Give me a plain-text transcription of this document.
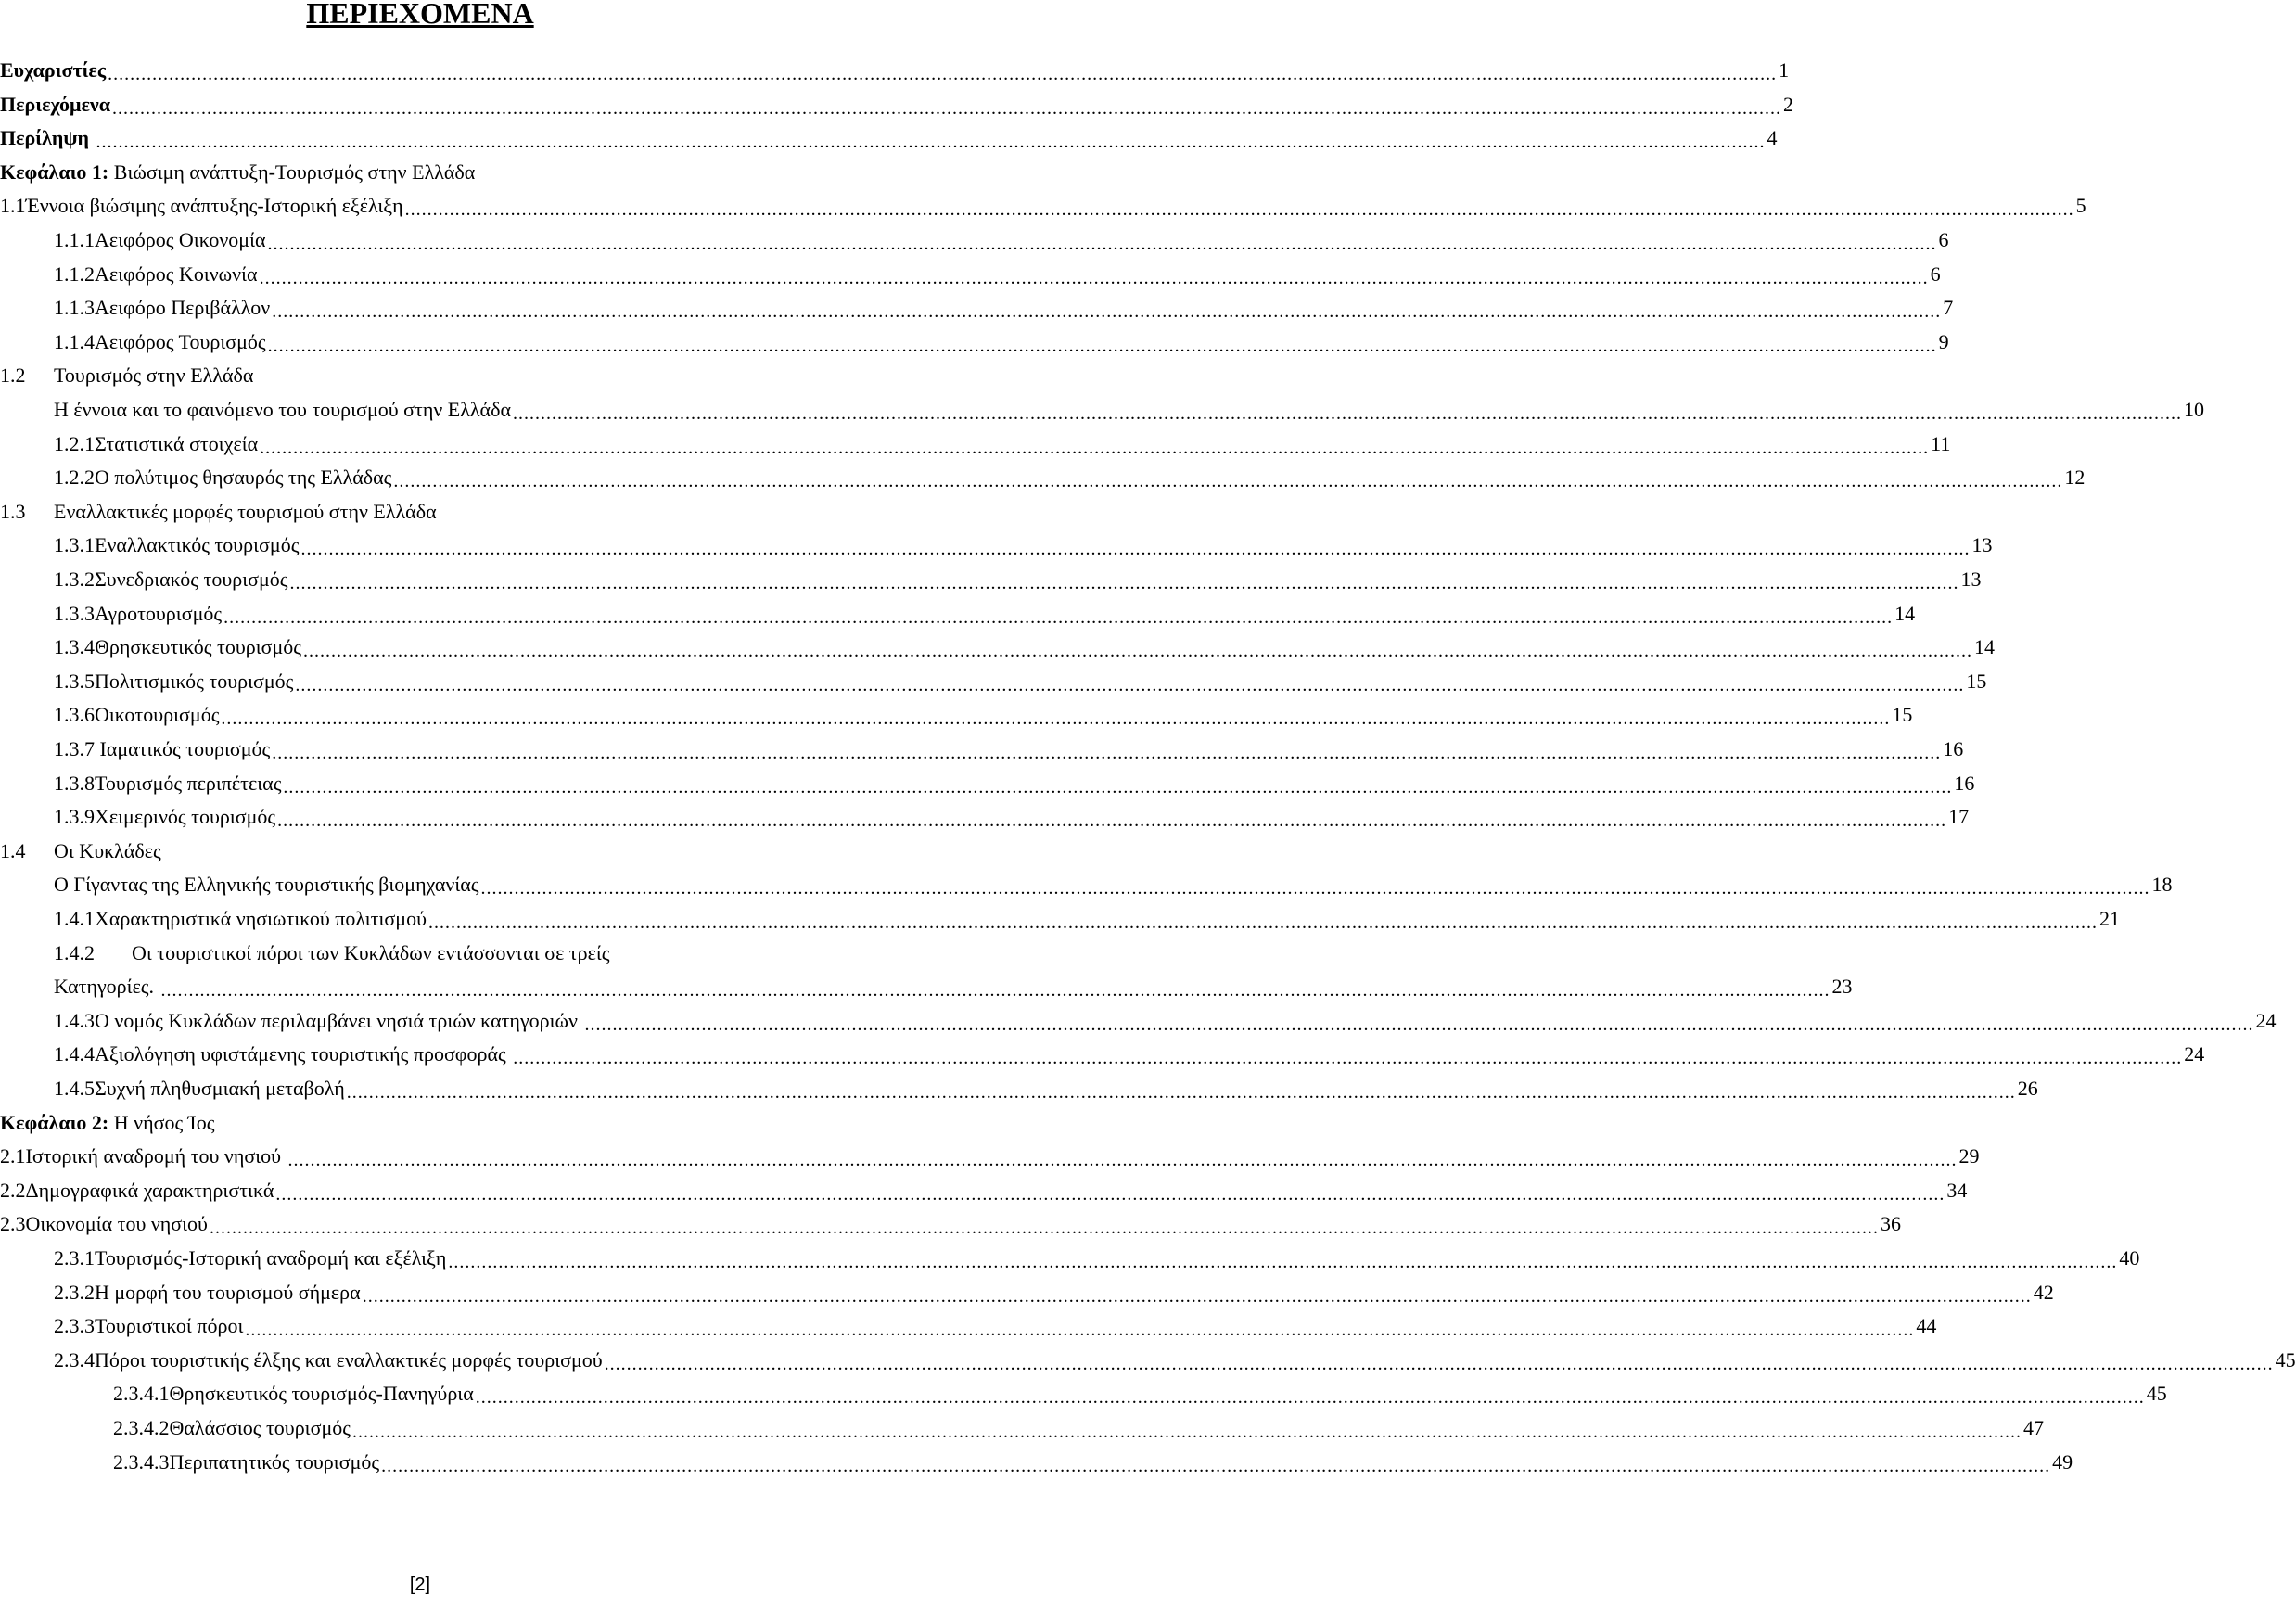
ΠΕΡΙΕΧΟΜΕΝΑ
Ευχαριστίες ............................................................................................................................................................................................................................................................................................................ 1
Περιεχόμενα ............................................................................................................................................................................................................................................................................................................ 2
Περίληψη ............................................................................................................................................................................................................................................................................................................ 4
Κεφάλαιο 1: Βιώσιμη ανάπτυξη-Τουρισμός στην Ελλάδα
1.1 Έννοια βιώσιμης ανάπτυξης-Ιστορική εξέλιξη ............................................................................................................................................................................................................................................................................................................ 5
1.1.1 Αειφόρος Οικονομία ............................................................................................................................................................................................................................................................................................................ 6
1.1.2 Αειφόρος Κοινωνία ............................................................................................................................................................................................................................................................................................................ 6
1.1.3 Αειφόρο Περιβάλλον ............................................................................................................................................................................................................................................................................................................ 7
1.1.4 Αειφόρος Τουρισμός ............................................................................................................................................................................................................................................................................................................ 9
1.2	Τουρισμός στην Ελλάδα
Η έννοια και το φαινόμενο του τουρισμού στην Ελλάδα ............................................................................................................................................................................................................................................................................................................ 10
1.2.1 Στατιστικά στοιχεία ............................................................................................................................................................................................................................................................................................................ 11
1.2.2 Ο πολύτιμος θησαυρός της Ελλάδας ............................................................................................................................................................................................................................................................................................................ 12
1.3	Εναλλακτικές μορφές τουρισμού στην Ελλάδα
1.3.1 Εναλλακτικός τουρισμός ............................................................................................................................................................................................................................................................................................................ 13
1.3.2 Συνεδριακός τουρισμός ............................................................................................................................................................................................................................................................................................................ 13
1.3.3 Αγροτουρισμός ............................................................................................................................................................................................................................................................................................................ 14
1.3.4 Θρησκευτικός τουρισμός ............................................................................................................................................................................................................................................................................................................ 14
1.3.5 Πολιτισμικός τουρισμός ............................................................................................................................................................................................................................................................................................................ 15
1.3.6 Οικοτουρισμός ............................................................................................................................................................................................................................................................................................................ 15
1.3.7 Ιαματικός τουρισμός ............................................................................................................................................................................................................................................................................................................ 16
1.3.8 Τουρισμός περιπέτειας ............................................................................................................................................................................................................................................................................................................ 16
1.3.9 Χειμερινός τουρισμός ............................................................................................................................................................................................................................................................................................................ 17
1.4	Οι Κυκλάδες
Ο Γίγαντας της Ελληνικής τουριστικής βιομηχανίας ............................................................................................................................................................................................................................................................................................................ 18
1.4.1 Χαρακτηριστικά νησιωτικού πολιτισμού ............................................................................................................................................................................................................................................................................................................ 21
1.4.2	Οι τουριστικοί πόροι των Κυκλάδων εντάσσονται σε τρείς
Κατηγορίες. ............................................................................................................................................................................................................................................................................................................ 23
1.4.3 Ο νομός Κυκλάδων περιλαμβάνει νησιά τριών κατηγοριών ............................................................................................................................................................................................................................................................................................................ 24
1.4.4 Αξιολόγηση υφιστάμενης τουριστικής προσφοράς ............................................................................................................................................................................................................................................................................................................ 24
1.4.5 Συχνή πληθυσμιακή μεταβολή ............................................................................................................................................................................................................................................................................................................ 26
Κεφάλαιο 2: Η νήσος Ίος
2.1 Ιστορική αναδρομή του νησιού ............................................................................................................................................................................................................................................................................................................ 29
2.2 Δημογραφικά χαρακτηριστικά ............................................................................................................................................................................................................................................................................................................ 34
2.3 Οικονομία του νησιού ............................................................................................................................................................................................................................................................................................................ 36
2.3.1 Τουρισμός-Ιστορική αναδρομή και εξέλιξη ............................................................................................................................................................................................................................................................................................................ 40
2.3.2 Η μορφή του τουρισμού σήμερα ............................................................................................................................................................................................................................................................................................................ 42
2.3.3 Τουριστικοί πόροι ............................................................................................................................................................................................................................................................................................................ 44
2.3.4 Πόροι τουριστικής έλξης και εναλλακτικές μορφές τουρισμού ............................................................................................................................................................................................................................................................................................................ 45
2.3.4.1 Θρησκευτικός τουρισμός-Πανηγύρια ............................................................................................................................................................................................................................................................................................................ 45
2.3.4.2 Θαλάσσιος τουρισμός ............................................................................................................................................................................................................................................................................................................ 47
2.3.4.3 Περιπατητικός τουρισμός ............................................................................................................................................................................................................................................................................................................ 49
[2]
